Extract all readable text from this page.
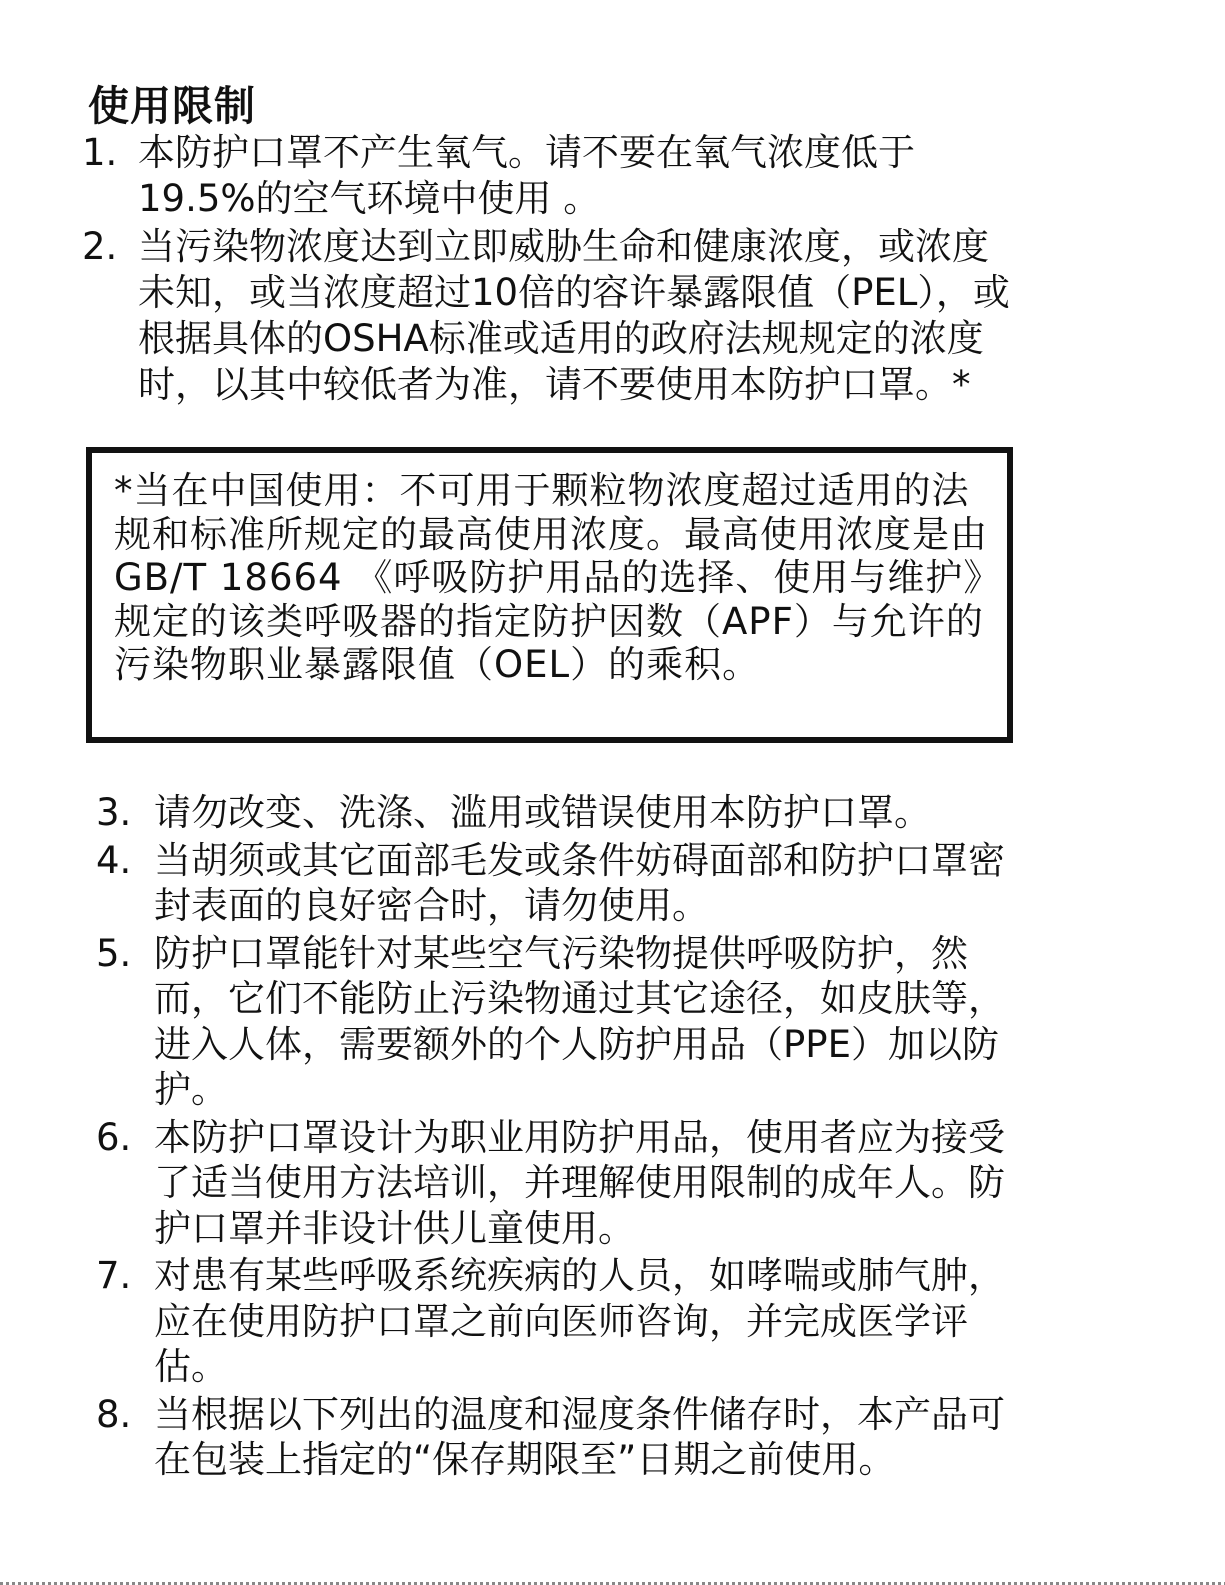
使用限制
1. 本防护口罩不产生氧气。请不要在氧气浓度低于19.5%的空气环境中使用 。
2. 当污染物浓度达到立即威胁生命和健康浓度，或浓度未知，或当浓度超过10倍的容许暴露限值（PEL），或根据具体的OSHA标准或适用的政府法规规定的浓度时，以其中较低者为准，请不要使用本防护口罩。*
*当在中国使用：不可用于颗粒物浓度超过适用的法规和标准所规定的最高使用浓度。最高使用浓度是由GB/T 18664 《呼吸防护用品的选择、使用与维护》规定的该类呼吸器的指定防护因数（APF）与允许的污染物职业暴露限值（OEL）的乘积。
3. 请勿改变、洗涤、滥用或错误使用本防护口罩。
4. 当胡须或其它面部毛发或条件妨碍面部和防护口罩密封表面的良好密合时，请勿使用。
5. 防护口罩能针对某些空气污染物提供呼吸防护，然而，它们不能防止污染物通过其它途径，如皮肤等，进入人体，需要额外的个人防护用品（PPE）加以防护。
6. 本防护口罩设计为职业用防护用品，使用者应为接受了适当使用方法培训，并理解使用限制的成年人。防护口罩并非设计供儿童使用。
7. 对患有某些呼吸系统疾病的人员，如哮喘或肺气肿，应在使用防护口罩之前向医师咨询，并完成医学评估。
8. 当根据以下列出的温度和湿度条件储存时，本产品可在包装上指定的“保存期限至”日期之前使用。
